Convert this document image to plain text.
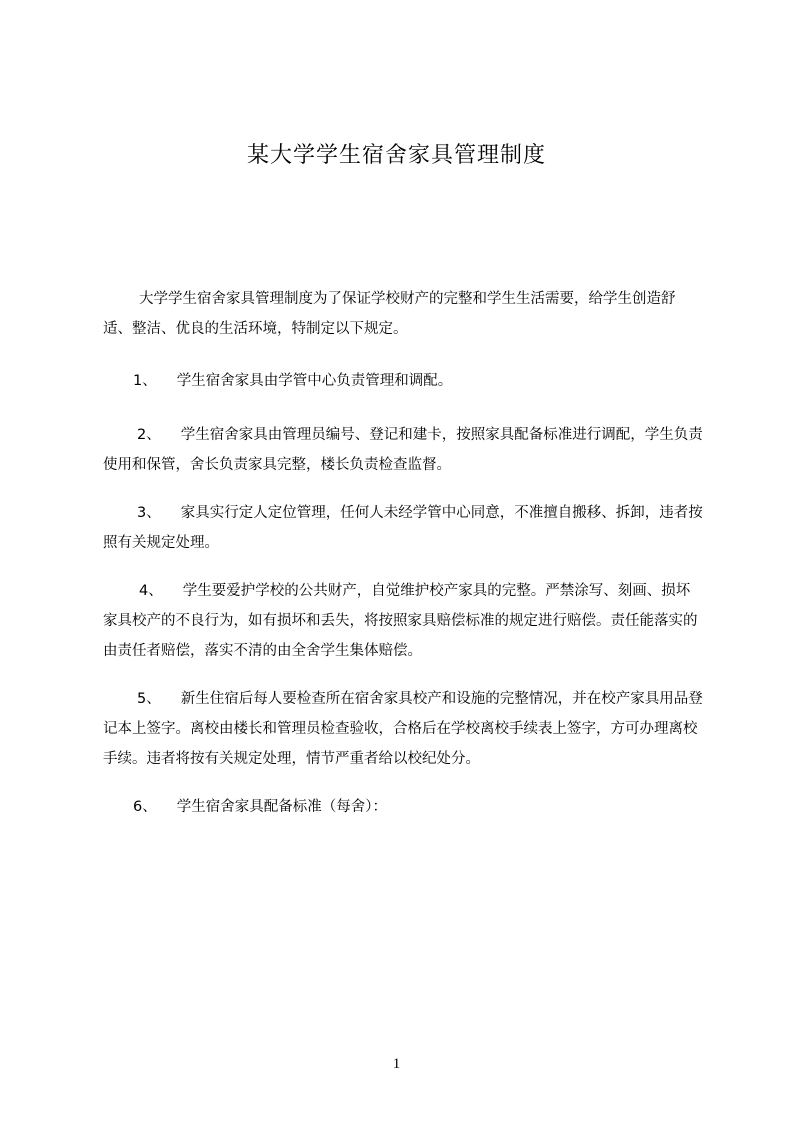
某大学学生宿舍家具管理制度
大学学生宿舍家具管理制度为了保证学校财产的完整和学生生活需要，给学生创造舒适、整洁、优良的生活环境，特制定以下规定。
1、 学生宿舍家具由学管中心负责管理和调配。
2、 学生宿舍家具由管理员编号、登记和建卡，按照家具配备标准进行调配，学生负责使用和保管，舍长负责家具完整，楼长负责检查监督。
3、 家具实行定人定位管理，任何人未经学管中心同意，不准擅自搬移、拆卸，违者按照有关规定处理。
4、 学生要爱护学校的公共财产，自觉维护校产家具的完整。严禁涂写、刻画、损坏家具校产的不良行为，如有损坏和丢失，将按照家具赔偿标准的规定进行赔偿。责任能落实的由责任者赔偿，落实不清的由全舍学生集体赔偿。
5、 新生住宿后每人要检查所在宿舍家具校产和设施的完整情况，并在校产家具用品登记本上签字。离校由楼长和管理员检查验收，合格后在学校离校手续表上签字，方可办理离校手续。违者将按有关规定处理，情节严重者给以校纪处分。
6、 学生宿舍家具配备标准（每舍）：
1
